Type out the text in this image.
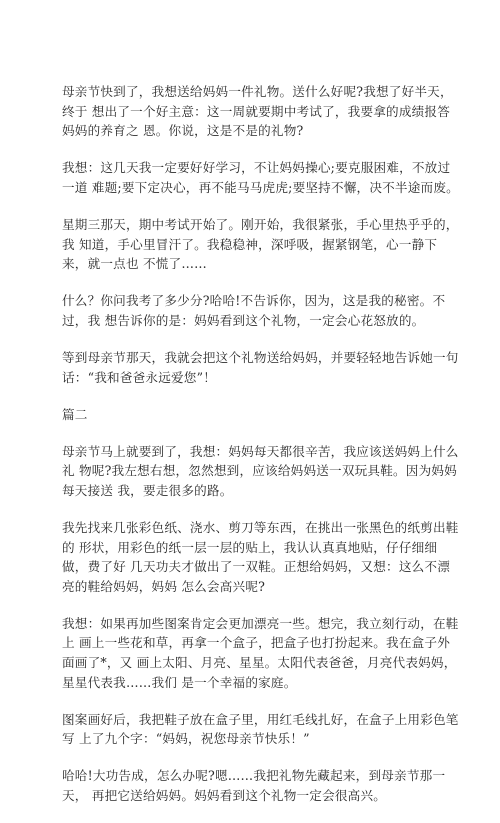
母亲节快到了，我想送给妈妈一件礼物。送什么好呢?我想了好半天，终于 想出了一个好主意：这一周就要期中考试了，我要拿的成绩报答妈妈的养育之 恩。你说，这是不是的礼物?

我想：这几天我一定要好好学习，不让妈妈操心;要克服困难，不放过一道 难题;要下定决心，再不能马马虎虎;要坚持不懈，决不半途而废。

星期三那天，期中考试开始了。刚开始，我很紧张，手心里热乎乎的，我 知道，手心里冒汗了。我稳稳神，深呼吸，握紧钢笔，心一静下来，就一点也 不慌了……

什么？你问我考了多少分?哈哈!不告诉你，因为，这是我的秘密。不过，我 想告诉你的是：妈妈看到这个礼物，一定会心花怒放的。

等到母亲节那天，我就会把这个礼物送给妈妈，并要轻轻地告诉她一句 话：“我和爸爸永远爱您”！

篇二

母亲节马上就要到了，我想：妈妈每天都很辛苦，我应该送妈妈上什么礼 物呢?我左想右想，忽然想到，应该给妈妈送一双玩具鞋。因为妈妈每天接送 我，要走很多的路。

我先找来几张彩色纸、浇水、剪刀等东西，在挑出一张黑色的纸剪出鞋的 形状，用彩色的纸一层一层的贴上，我认认真真地贴，仔仔细细做，费了好 几天功夫才做出了一双鞋。正想给妈妈，又想：这么不漂亮的鞋给妈妈，妈妈 怎么会高兴呢?

我想：如果再加些图案肯定会更加漂亮一些。想完，我立刻行动，在鞋上 画上一些花和草，再拿一个盒子，把盒子也打扮起来。我在盒子外面画了*，又 画上太阳、月亮、星星。太阳代表爸爸，月亮代表妈妈，星星代表我……我们 是一个幸福的家庭。

图案画好后，我把鞋子放在盒子里，用红毛线扎好，在盒子上用彩色笔写 上了九个字：“妈妈，祝您母亲节快乐！”

哈哈!大功告成，怎么办呢?嗯……我把礼物先藏起来，到母亲节那一天， 再把它送给妈妈。妈妈看到这个礼物一定会很高兴。
